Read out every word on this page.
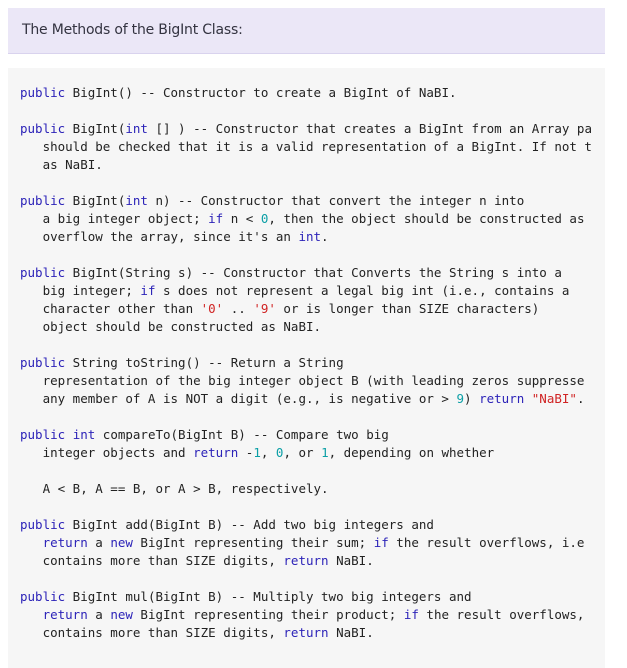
The Methods of the BigInt Class:
public BigInt() -- Constructor to create a BigInt of NaBI.
public BigInt(int [] ) -- Constructor that creates a BigInt from an Array pa
should be checked that it is a valid representation of a BigInt. If not t
as NaBI.
public BigInt(int n) -- Constructor that convert the integer n into
a big integer object; if n < 0, then the object should be constructed as
overflow the array, since it's an int.
public BigInt(String s) -- Constructor that Converts the String s into a
big integer; if s does not represent a legal big int (i.e., contains a
character other than '0' .. '9' or is longer than SIZE characters)
object should be constructed as NaBI.
public String toString() -- Return a String
representation of the big integer object B (with leading zeros suppresse
any member of A is NOT a digit (e.g., is negative or > 9) return "NaBI".
public int compareTo(BigInt B) -- Compare two big
integer objects and return -1, 0, or 1, depending on whether
A < B, A == B, or A > B, respectively.
public BigInt add(BigInt B) -- Add two big integers and
return a new BigInt representing their sum; if the result overflows, i.e
contains more than SIZE digits, return NaBI.
public BigInt mul(BigInt B) -- Multiply two big integers and
return a new BigInt representing their product; if the result overflows,
contains more than SIZE digits, return NaBI.
